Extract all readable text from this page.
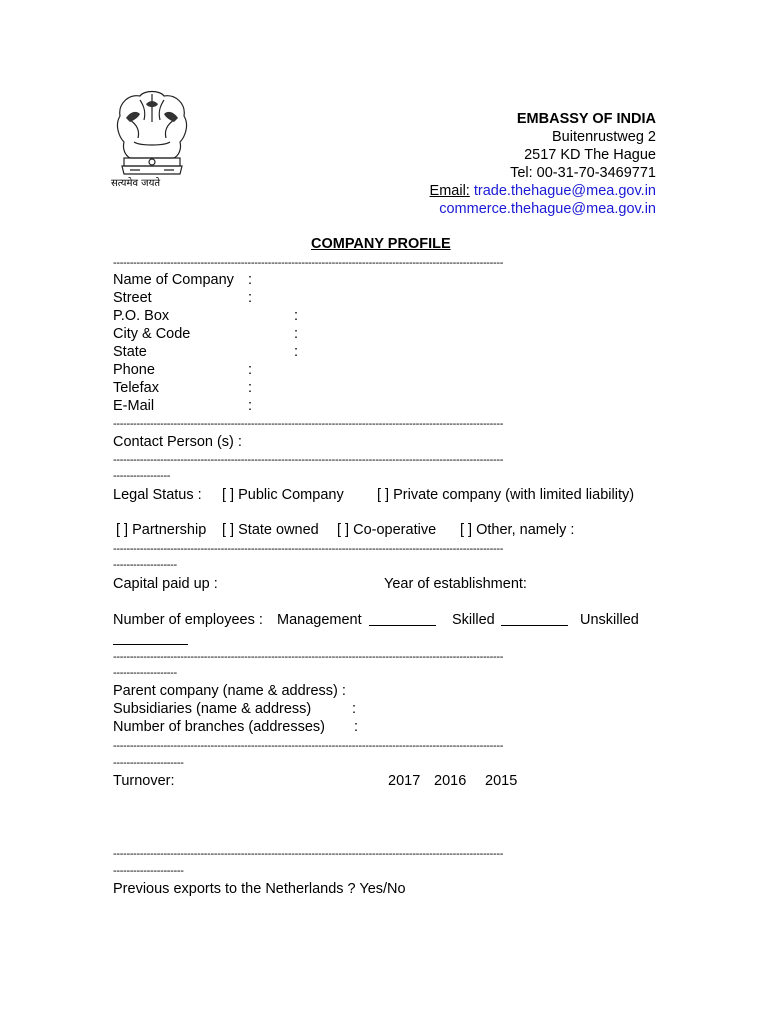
सत्यमेव जयते
EMBASSY OF INDIA
Buitenrustweg 2
2517 KD The Hague
Tel: 00-31-70-3469771
Email: trade.thehague@mea.gov.in
commerce.thehague@mea.gov.in
COMPANY PROFILE
--------------------------------------------------------------------------------------------------------------------
Name of Company :
Street	:
P.O. Box	:
City & Code	:
State	:
Phone	:
Telefax	:
E-Mail	:
--------------------------------------------------------------------------------------------------------------------
Contact Person (s) :
--------------------------------------------------------------------------------------------------------------------
-----------------
Legal Status : [ ] Public Company [ ] Private company (with limited liability)
[ ] Partnership [ ] State owned [ ] Co-operative [ ] Other, namely :
--------------------------------------------------------------------------------------------------------------------
-------------------
Capital paid up :	Year of establishment:
Number of employees : Management	Skilled	Unskilled
--------------------------------------------------------------------------------------------------------------------
-------------------
Parent company (name & address) :
Subsidiaries (name & address)	:
Number of branches (addresses) :
--------------------------------------------------------------------------------------------------------------------
---------------------
Turnover:	2017 2016 2015
--------------------------------------------------------------------------------------------------------------------
---------------------
Previous exports to the Netherlands ? Yes/No
